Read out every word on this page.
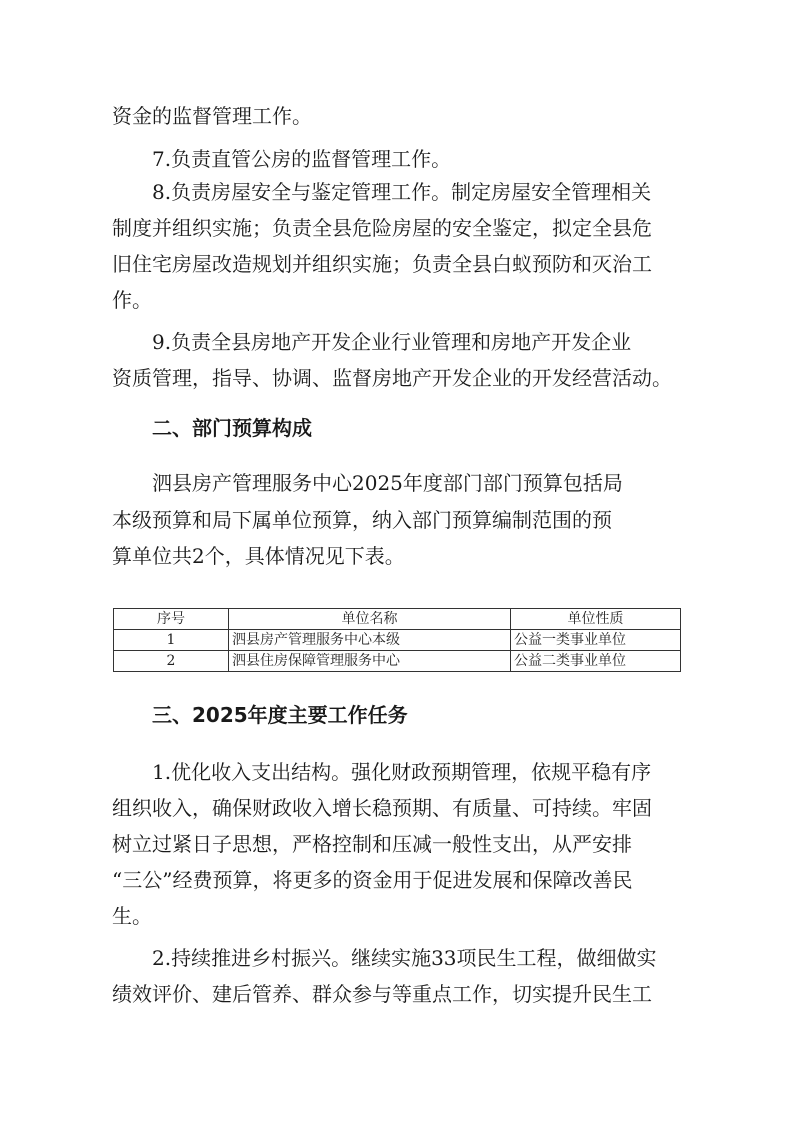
资金的监督管理工作。
7.负责直管公房的监督管理工作。
8.负责房屋安全与鉴定管理工作。制定房屋安全管理相关
制度并组织实施；负责全县危险房屋的安全鉴定，拟定全县危
旧住宅房屋改造规划并组织实施；负责全县白蚁预防和灭治工
作。
9.负责全县房地产开发企业行业管理和房地产开发企业
资质管理，指导、协调、监督房地产开发企业的开发经营活动。
二、部门预算构成
泗县房产管理服务中心2025年度部门部门预算包括局
本级预算和局下属单位预算，纳入部门预算编制范围的预
算单位共2个，具体情况见下表。
序号	单位名称	单位性质
1	泗县房产管理服务中心本级	公益一类事业单位
2	泗县住房保障管理服务中心	公益二类事业单位
三、2025年度主要工作任务
1.优化收入支出结构。强化财政预期管理，依规平稳有序
组织收入，确保财政收入增长稳预期、有质量、可持续。牢固
树立过紧日子思想，严格控制和压减一般性支出，从严安排
“三公”经费预算，将更多的资金用于促进发展和保障改善民
生。
2.持续推进乡村振兴。继续实施33项民生工程，做细做实
绩效评价、建后管养、群众参与等重点工作，切实提升民生工
